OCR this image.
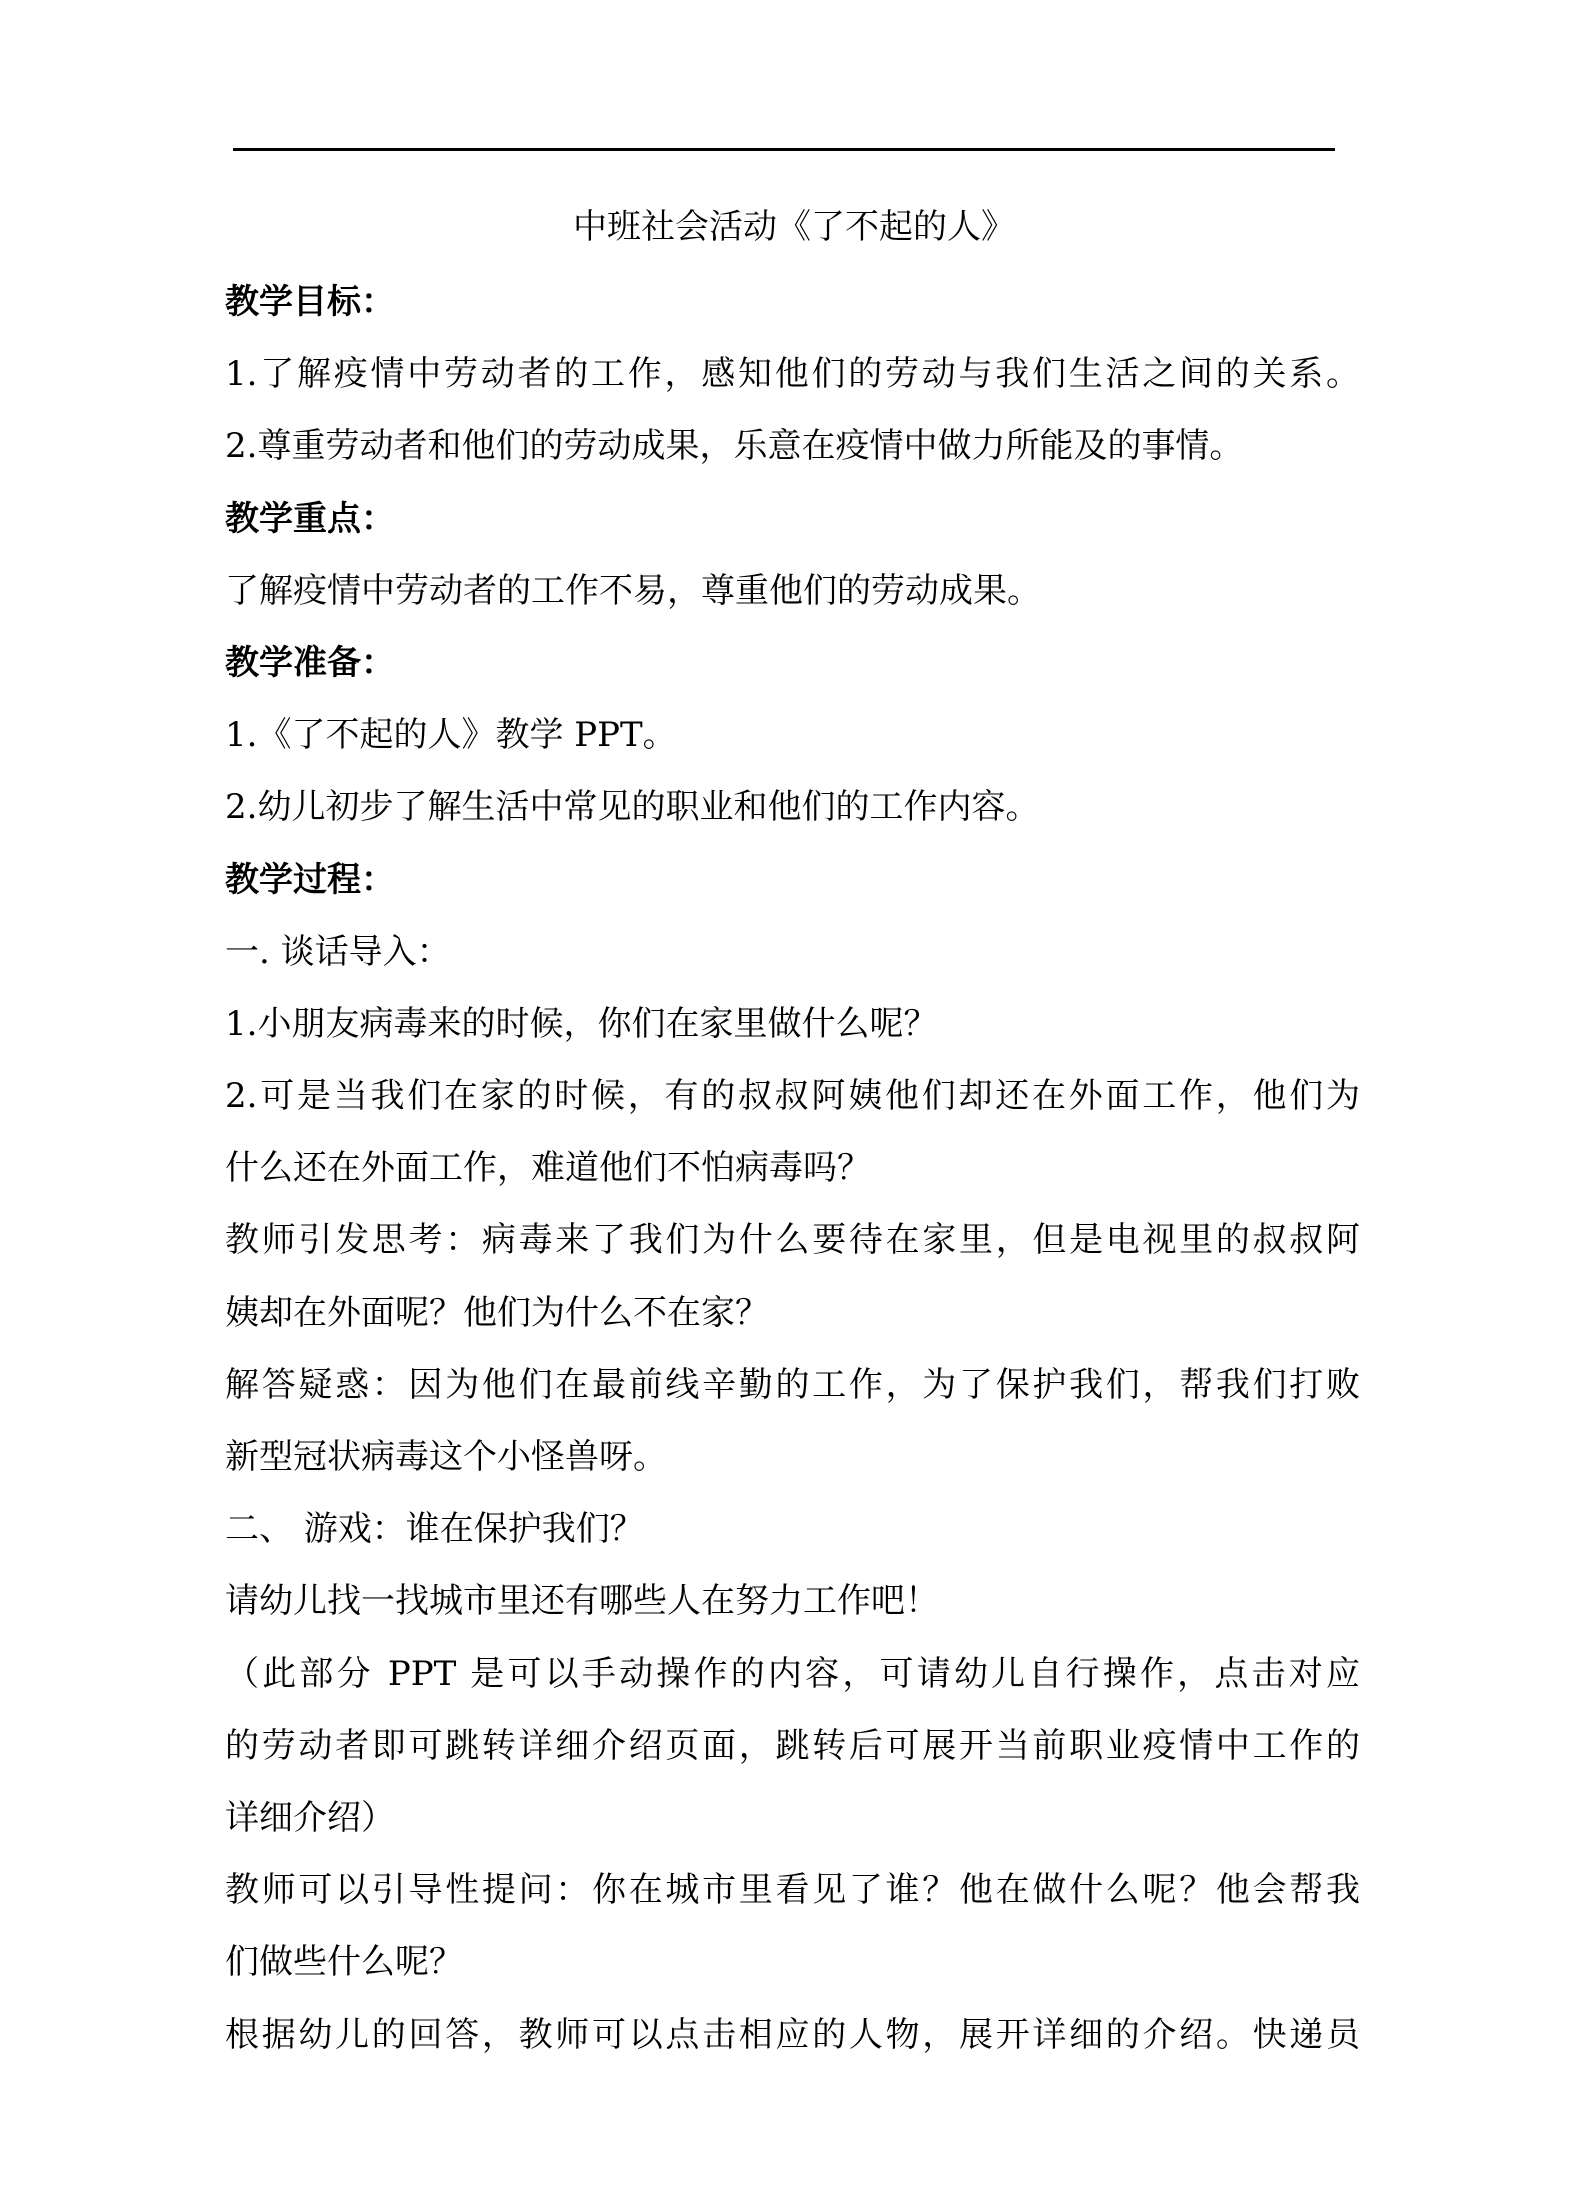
中班社会活动《了不起的人》
教学目标：
1.了解疫情中劳动者的工作，感知他们的劳动与我们生活之间的关系。
2.尊重劳动者和他们的劳动成果，乐意在疫情中做力所能及的事情。
教学重点：
了解疫情中劳动者的工作不易，尊重他们的劳动成果。
教学准备：
1.《了不起的人》教学 PPT。
2.幼儿初步了解生活中常见的职业和他们的工作内容。
教学过程：
一. 谈话导入：
1.小朋友病毒来的时候，你们在家里做什么呢？
2.可是当我们在家的时候，有的叔叔阿姨他们却还在外面工作，他们为
什么还在外面工作，难道他们不怕病毒吗？
教师引发思考：病毒来了我们为什么要待在家里，但是电视里的叔叔阿
姨却在外面呢？他们为什么不在家？
解答疑惑：因为他们在最前线辛勤的工作，为了保护我们，帮我们打败
新型冠状病毒这个小怪兽呀。
二、 游戏：谁在保护我们？
请幼儿找一找城市里还有哪些人在努力工作吧！
（此部分 PPT 是可以手动操作的内容，可请幼儿自行操作，点击对应
的劳动者即可跳转详细介绍页面，跳转后可展开当前职业疫情中工作的
详细介绍）
教师可以引导性提问：你在城市里看见了谁？他在做什么呢？他会帮我
们做些什么呢？
根据幼儿的回答，教师可以点击相应的人物，展开详细的介绍。快递员
